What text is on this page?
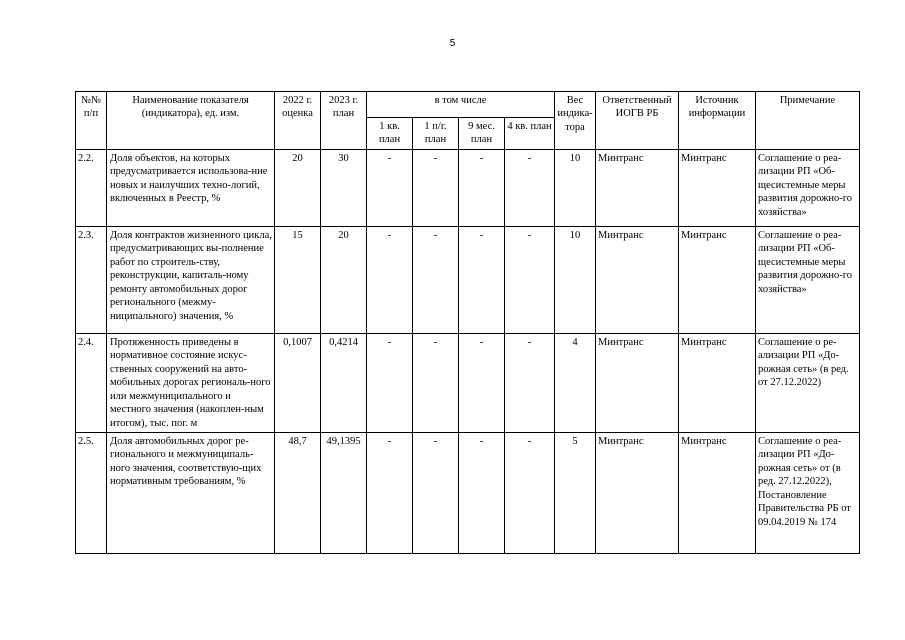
5
№№ п/п	Наименование показателя (индикатора), ед. изм.	2022 г. оценка	2023 г. план	в том числе				Вес индика-тора	Ответственный ИОГВ РБ	Источник информации	Примечание
				1 кв. план	1 п/г. план	9 мес. план	4 кв. план				
2.2.	Доля объектов, на которых предусматривается использова-ние новых и наилучших техно-логий, включенных в Реестр, %	20	30	-	-	-	-	10	Минтранс	Минтранс	Соглашение о реа-лизации РП «Об-щесистемные меры развития дорожно-го хозяйства»
2.3.	Доля контрактов жизненного цикла, предусматривающих вы-полнение работ по строитель-ству, реконструкции, капиталь-ному ремонту автомобильных дорог регионального (межму-ниципального) значения, %	15	20	-	-	-	-	10	Минтранс	Минтранс	Соглашение о реа-лизации РП «Об-щесистемные меры развития дорожно-го хозяйства»
2.4.	Протяженность приведены в нормативное состояние искус-ственных сооружений на авто-мобильных дорогах региональ-ного или межмуниципального и местного значения (накоплен-ным итогом), тыс. пог. м	0,1007	0,4214	-	-	-	-	4	Минтранс	Минтранс	Соглашение о ре-ализации РП «До-рожная сеть» (в ред. от 27.12.2022)
2.5.	Доля автомобильных дорог ре-гионального и межмуниципаль-ного значения, соответствую-щих нормативным требованиям, %	48,7	49,1395	-	-	-	-	5	Минтранс	Минтранс	Соглашение о реа-лизации РП «До-рожная сеть» от (в ред. 27.12.2022), Постановление Правительства РБ от 09.04.2019 № 174
